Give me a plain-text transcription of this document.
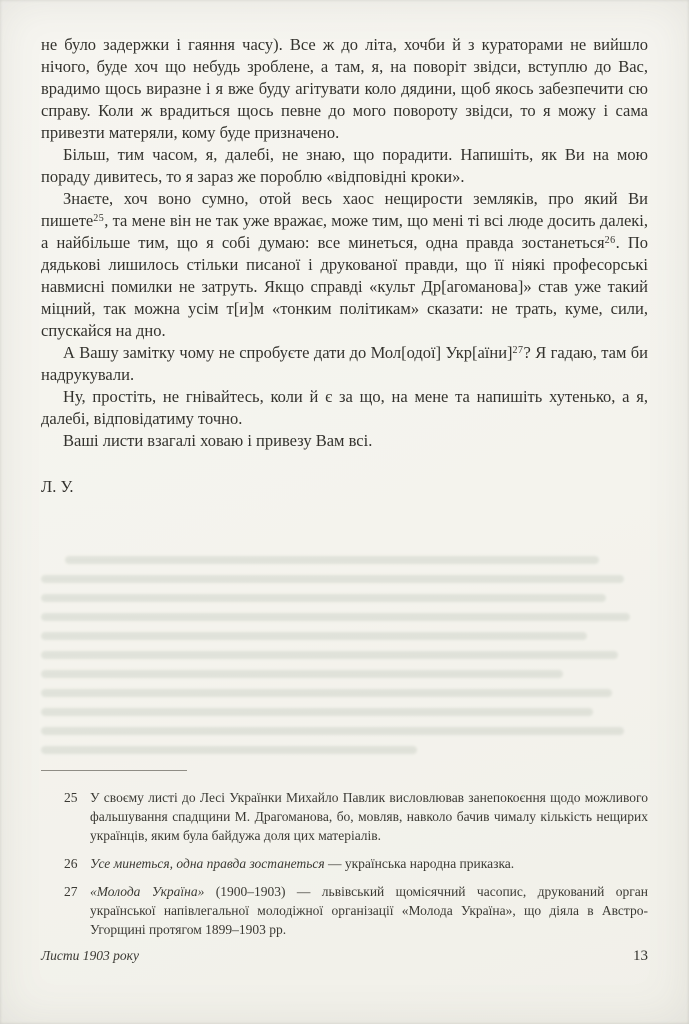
не було задержки і гаяння часу). Все ж до літа, хочби й з кураторами не вийшло нічого, буде хоч що небудь зроблене, а там, я, на поворіт звідси, вступлю до Вас, врадимо щось виразне і я вже буду агітувати коло дядини, щоб якось забезпечити сю справу. Коли ж врадиться щось певне до мого повороту звідси, то я можу і сама привезти матеряли, кому буде призначено.

Більш, тим часом, я, далебі, не знаю, що порадити. Напишіть, як Ви на мою пораду дивитесь, то я зараз же пороблю «відповідні кроки».

Знаєте, хоч воно сумно, отой весь хаос нещирости земляків, про який Ви пишете$^{25}$, та мене він не так уже вражає, може тим, що мені ті всі люде досить далекі, а найбільше тим, що я собі думаю: все минеться, одна правда зостанеться$^{26}$. По дядькові лишилось стільки писаної і друкованої правди, що її ніякі професорські навмисні помилки не затруть. Якщо справді «культ Др[агоманова]» став уже такий міцний, так можна усім т[и]м «тонким політикам» сказати: не трать, куме, сили, спускайся на дно.

А Вашу замітку чому не спробуєте дати до Мол[одої] Укр[аїни]$^{27}$? Я гадаю, там би надрукували.

Ну, простіть, не гнівайтесь, коли й є за що, на мене та напишіть хутенько, а я, далебі, відповідатиму точно.

Ваші листи взагалі ховаю і привезу Вам всі.

Л. У.

25 У своєму листі до Лесі Українки Михайло Павлик висловлював занепокоєння щодо можливого фальшування спадщини М. Драгоманова, бо, мовляв, навколо бачив чималу кількість нещирих українців, яким була байдужа доля цих матеріалів.
26 Усе минеться, одна правда зостанеться — українська народна приказка.
27 «Молода Україна» (1900–1903) — львівський щомісячний часопис, друкований орган української напівлегальної молодіжної організації «Молода Україна», що діяла в Австро-Угорщині протягом 1899–1903 рр.
Листи 1903 року	13
